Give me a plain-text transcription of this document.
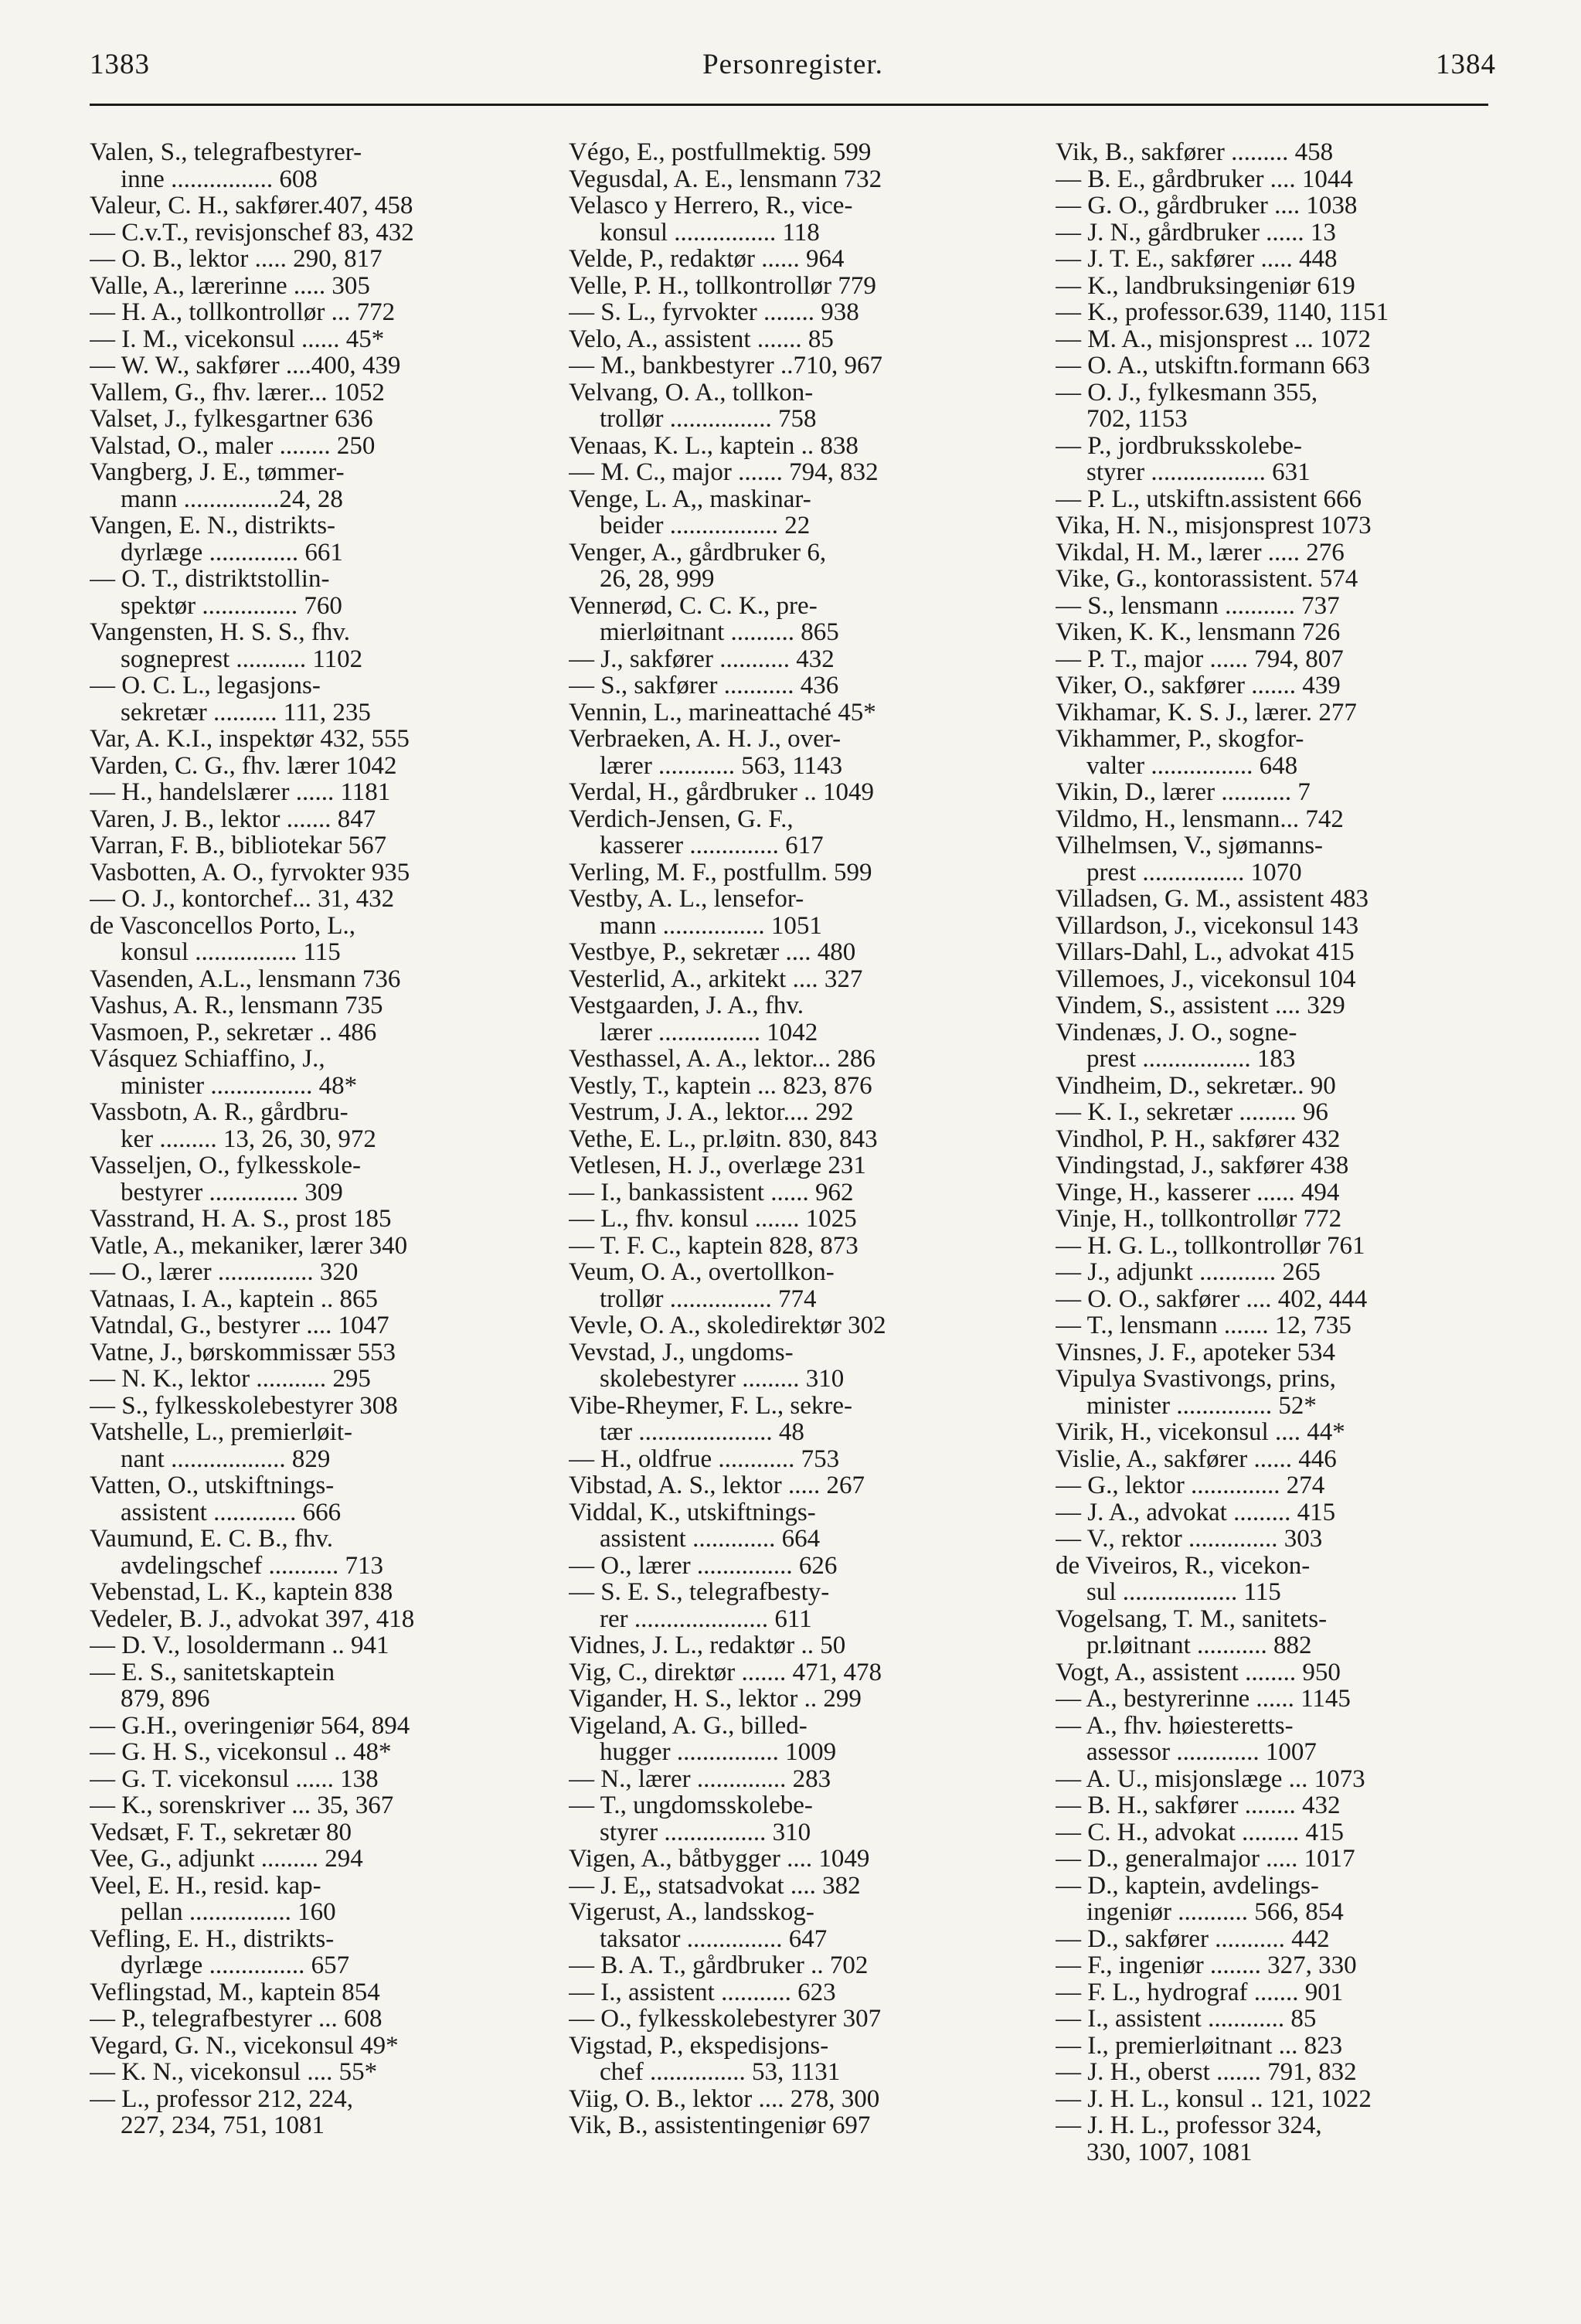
1383	Personregister.	1384
Valen, S., telegrafbestyrer-
inne ................ 608
Valeur, C. H., sakfører.407, 458
— C.v.T., revisjonschef 83, 432
— O. B., lektor ..... 290, 817
Valle, A., lærerinne ..... 305
— H. A., tollkontrollør ... 772
— I. M., vicekonsul ...... 45*
— W. W., sakfører ....400, 439
Vallem, G., fhv. lærer... 1052
Valset, J., fylkesgartner 636
Valstad, O., maler ........ 250
Vangberg, J. E., tømmer-
mann ...............24, 28
Vangen, E. N., distrikts-
dyrlæge .............. 661
— O. T., distriktstollin-
spektør ............... 760
Vangensten, H. S. S., fhv.
sogneprest ........... 1102
— O. C. L., legasjons-
sekretær .......... 111, 235
Var, A. K.I., inspektør 432, 555
Varden, C. G., fhv. lærer 1042
— H., handelslærer ...... 1181
Varen, J. B., lektor ....... 847
Varran, F. B., bibliotekar 567
Vasbotten, A. O., fyrvokter 935
— O. J., kontorchef... 31, 432
de Vasconcellos Porto, L.,
konsul ................ 115
Vasenden, A.L., lensmann 736
Vashus, A. R., lensmann 735
Vasmoen, P., sekretær .. 486
Vásquez Schiaffino, J.,
minister ................ 48*
Vassbotn, A. R., gårdbru-
ker ......... 13, 26, 30, 972
Vasseljen, O., fylkesskole-
bestyrer .............. 309
Vasstrand, H. A. S., prost 185
Vatle, A., mekaniker, lærer 340
— O., lærer ............... 320
Vatnaas, I. A., kaptein .. 865
Vatndal, G., bestyrer .... 1047
Vatne, J., børskommissær 553
— N. K., lektor ........... 295
— S., fylkesskolebestyrer 308
Vatshelle, L., premierløit-
nant .................. 829
Vatten, O., utskiftnings-
assistent ............. 666
Vaumund, E. C. B., fhv.
avdelingschef ........... 713
Vebenstad, L. K., kaptein 838
Vedeler, B. J., advokat 397, 418
— D. V., losoldermann .. 941
— E. S., sanitetskaptein
879, 896
— G.H., overingeniør 564, 894
— G. H. S., vicekonsul .. 48*
— G. T. vicekonsul ...... 138
— K., sorenskriver ... 35, 367
Vedsæt, F. T., sekretær 80
Vee, G., adjunkt ......... 294
Veel, E. H., resid. kap-
pellan ................ 160
Vefling, E. H., distrikts-
dyrlæge ............... 657
Veflingstad, M., kaptein 854
— P., telegrafbestyrer ... 608
Vegard, G. N., vicekonsul 49*
— K. N., vicekonsul .... 55*
— L., professor 212, 224,
227, 234, 751, 1081
Végo, E., postfullmektig. 599
Vegusdal, A. E., lensmann 732
Velasco y Herrero, R., vice-
konsul ................ 118
Velde, P., redaktør ...... 964
Velle, P. H., tollkontrollør 779
— S. L., fyrvokter ........ 938
Velo, A., assistent ....... 85
— M., bankbestyrer ..710, 967
Velvang, O. A., tollkon-
trollør ................ 758
Venaas, K. L., kaptein .. 838
— M. C., major ....... 794, 832
Venge, L. A,, maskinar-
beider ................. 22
Venger, A., gårdbruker 6,
26, 28, 999
Vennerød, C. C. K., pre-
mierløitnant .......... 865
— J., sakfører ........... 432
— S., sakfører ........... 436
Vennin, L., marineattaché 45*
Verbraeken, A. H. J., over-
lærer ............ 563, 1143
Verdal, H., gårdbruker .. 1049
Verdich-Jensen, G. F.,
kasserer .............. 617
Verling, M. F., postfullm. 599
Vestby, A. L., lensefor-
mann ................ 1051
Vestbye, P., sekretær .... 480
Vesterlid, A., arkitekt .... 327
Vestgaarden, J. A., fhv.
lærer ................ 1042
Vesthassel, A. A., lektor... 286
Vestly, T., kaptein ... 823, 876
Vestrum, J. A., lektor.... 292
Vethe, E. L., pr.løitn. 830, 843
Vetlesen, H. J., overlæge 231
— I., bankassistent ...... 962
— L., fhv. konsul ....... 1025
— T. F. C., kaptein 828, 873
Veum, O. A., overtollkon-
trollør ................ 774
Vevle, O. A., skoledirektør 302
Vevstad, J., ungdoms-
skolebestyrer ......... 310
Vibe-Rheymer, F. L., sekre-
tær ..................... 48
— H., oldfrue ............ 753
Vibstad, A. S., lektor ..... 267
Viddal, K., utskiftnings-
assistent ............. 664
— O., lærer ............... 626
— S. E. S., telegrafbesty-
rer ..................... 611
Vidnes, J. L., redaktør .. 50
Vig, C., direktør ....... 471, 478
Vigander, H. S., lektor .. 299
Vigeland, A. G., billed-
hugger ................ 1009
— N., lærer .............. 283
— T., ungdomsskolebe-
styrer ................ 310
Vigen, A., båtbygger .... 1049
— J. E,, statsadvokat .... 382
Vigerust, A., landsskog-
taksator ............... 647
— B. A. T., gårdbruker .. 702
— I., assistent ........... 623
— O., fylkesskolebestyrer 307
Vigstad, P., ekspedisjons-
chef ............... 53, 1131
Viig, O. B., lektor .... 278, 300
Vik, B., assistentingeniør 697
Vik, B., sakfører ......... 458
— B. E., gårdbruker .... 1044
— G. O., gårdbruker .... 1038
— J. N., gårdbruker ...... 13
— J. T. E., sakfører ..... 448
— K., landbruksingeniør 619
— K., professor.639, 1140, 1151
— M. A., misjonsprest ... 1072
— O. A., utskiftn.formann 663
— O. J., fylkesmann 355,
702, 1153
— P., jordbruksskolebe-
styrer .................. 631
— P. L., utskiftn.assistent 666
Vika, H. N., misjonsprest 1073
Vikdal, H. M., lærer ..... 276
Vike, G., kontorassistent. 574
— S., lensmann ........... 737
Viken, K. K., lensmann 726
— P. T., major ...... 794, 807
Viker, O., sakfører ....... 439
Vikhamar, K. S. J., lærer. 277
Vikhammer, P., skogfor-
valter ................ 648
Vikin, D., lærer ........... 7
Vildmo, H., lensmann... 742
Vilhelmsen, V., sjømanns-
prest ................ 1070
Villadsen, G. M., assistent 483
Villardson, J., vicekonsul 143
Villars-Dahl, L., advokat 415
Villemoes, J., vicekonsul 104
Vindem, S., assistent .... 329
Vindenæs, J. O., sogne-
prest ................. 183
Vindheim, D., sekretær.. 90
— K. I., sekretær ......... 96
Vindhol, P. H., sakfører 432
Vindingstad, J., sakfører 438
Vinge, H., kasserer ...... 494
Vinje, H., tollkontrollør 772
— H. G. L., tollkontrollør 761
— J., adjunkt ............ 265
— O. O., sakfører .... 402, 444
— T., lensmann ....... 12, 735
Vinsnes, J. F., apoteker 534
Vipulya Svastivongs, prins,
minister ............... 52*
Virik, H., vicekonsul .... 44*
Vislie, A., sakfører ...... 446
— G., lektor .............. 274
— J. A., advokat ......... 415
— V., rektor .............. 303
de Viveiros, R., vicekon-
sul .................. 115
Vogelsang, T. M., sanitets-
pr.løitnant ........... 882
Vogt, A., assistent ........ 950
— A., bestyrerinne ...... 1145
— A., fhv. høiesteretts-
assessor ............. 1007
— A. U., misjonslæge ... 1073
— B. H., sakfører ........ 432
— C. H., advokat ......... 415
— D., generalmajor ..... 1017
— D., kaptein, avdelings-
ingeniør ........... 566, 854
— D., sakfører ........... 442
— F., ingeniør ........ 327, 330
— F. L., hydrograf ....... 901
— I., assistent ............ 85
— I., premierløitnant ... 823
— J. H., oberst ....... 791, 832
— J. H. L., konsul .. 121, 1022
— J. H. L., professor 324,
330, 1007, 1081
